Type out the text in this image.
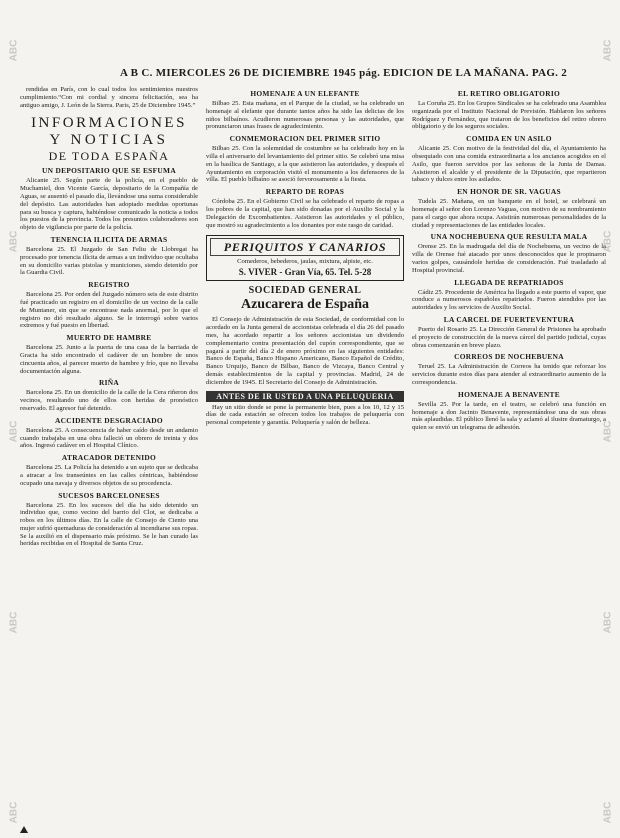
ABC
ABC
ABC
ABC
ABC
ABC
ABC
ABC
ABC
ABC
A B C. MIERCOLES 26 DE DICIEMBRE 1945 pág. EDICION DE LA MAÑANA. PAG. 2

rendidas en París, con lo cual todos los sentimientos nuestros cumplimiento.“Con mi cordial y sincera felicitación, sea ha antiguo amigo, J. León de la Sierra. Paris, 25 de Diciembre 1945.”

INFORMACIONES
Y NOTICIAS
DE TODA ESPAÑA
UN DEPOSITARIO QUE SE ESFUMA

Alicante 25. Según parte de la policía, en el pueblo de Muchamiel, don Vicente García, depositario de la Compañía de Aguas, se ausentó el pasado día, llevándose una suma considerable del depósito. Las autoridades han adoptado medidas oportunas para su busca y captura, habiéndose comunicado la noticia a todos los puestos de la provincia. Todos los presuntos colaboradores son objeto de vigilancia por parte de la policía.

TENENCIA ILICITA DE ARMAS

Barcelona 25. El Juzgado de San Feliu de Llobregat ha procesado por tenencia ilícita de armas a un individuo que ocultaba en su domicilio varias pistolas y municiones, siendo detenido por la Guardia Civil.

REGISTRO

Barcelona 25. Por orden del Juzgado número seis de este distrito fué practicado un registro en el domicilio de un vecino de la calle de Muntaner, sin que se encontrase nada anormal, por lo que el registro no dió resultado alguno. Se le interrogó sobre varios extremos y fué puesto en libertad.

MUERTO DE HAMBRE

Barcelona 25. Junto a la puerta de una casa de la barriada de Gracia ha sido encontrado el cadáver de un hombre de unos cincuenta años, al parecer muerto de hambre y frío, que no llevaba documentación alguna.

RIÑA

Barcelona 25. En un domicilio de la calle de la Cera riñeron dos vecinos, resultando uno de ellos con heridas de pronóstico reservado. El agresor fué detenido.

ACCIDENTE DESGRACIADO

Barcelona 25. A consecuencia de haber caído desde un andamio cuando trabajaba en una obra falleció un obrero de treinta y dos años. Ingresó cadáver en el Hospital Clínico.

ATRACADOR DETENIDO

Barcelona 25. La Policía ha detenido a un sujeto que se dedicaba a atracar a los transeúntes en las calles céntricas, habiéndose ocupado una navaja y diversos objetos de su procedencia.

SUCESOS BARCELONESES

Barcelona 25. En los sucesos del día ha sido detenido un individuo que, como vecino del barrio del Clot, se dedicaba a robos en los últimos días. En la calle de Consejo de Ciento una mujer sufrió quemaduras de consideración al incendiarse sus ropas. Se la auxilió en el dispensario más próximo. Se le han curado las heridas recibidas en el Hospital de Santa Cruz.

HOMENAJE A UN ELEFANTE

Bilbao 25. Esta mañana, en el Parque de la ciudad, se ha celebrado un homenaje al elefante que durante tantos años ha sido las delicias de los niños bilbaínos. Acudieron numerosas personas y las autoridades, que pronunciaron unas frases de agradecimiento.

CONMEMORACION DEL PRIMER SITIO

Bilbao 25. Con la solemnidad de costumbre se ha celebrado hoy en la villa el aniversario del levantamiento del primer sitio. Se celebró una misa en la basílica de Santiago, a la que asistieron las autoridades, y después el Ayuntamiento en corporación visitó el monumento a los defensores de la villa. El pueblo bilbaíno se asoció fervorosamente a la fiesta.

REPARTO DE ROPAS

Córdoba 25. En el Gobierno Civil se ha celebrado el reparto de ropas a los pobres de la capital, que han sido donadas por el Auxilio Social y la Delegación de Excombatientes. Asistieron las autoridades y el público, que mostró su agradecimiento a los donantes por este rasgo de caridad.

PERIQUITOS Y CANARIOS
Comederos, bebederos, jaulas, mixtura, alpiste, etc.
S. VIVER - Gran Vía, 65. Tel. 5-28
SOCIEDAD GENERAL
Azucarera de España

El Consejo de Administración de esta Sociedad, de conformidad con lo acordado en la Junta general de accionistas celebrada el día 26 del pasado mes, ha acordado repartir a los señores accionistas un dividendo complementario contra presentación del cupón correspondiente, que se pagará a partir del día 2 de enero próximo en las siguientes entidades: Banco de España, Banco Hispano Americano, Banco Español de Crédito, Banco Urquijo, Banco de Bilbao, Banco de Vizcaya, Banco Central y demás establecimientos de la capital y provincias. Madrid, 24 de diciembre de 1945. El Secretario del Consejo de Administración.

ANTES DE IR USTED A UNA PELUQUERIA

Hay un sitio donde se pone la permanente bien, pues a los 10, 12 y 15 días de cada estación se ofrecen todos los trabajos de peluquería con personal competente y garantía. Peluquería y salón de belleza.

EL RETIRO OBLIGATORIO

La Coruña 25. En los Grupos Sindicales se ha celebrado una Asamblea organizada por el Instituto Nacional de Previsión. Hablaron los señores Rodríguez y Fernández, que trataron de los beneficios del retiro obrero obligatorio y de los seguros sociales.

COMIDA EN UN ASILO

Alicante 25. Con motivo de la festividad del día, el Ayuntamiento ha obsequiado con una comida extraordinaria a los ancianos acogidos en el Asilo, que fueron servidos por las señoras de la Junta de Damas. Asistieron el alcalde y el presidente de la Diputación, que repartieron tabaco y dulces entre los asilados.

EN HONOR DE SR. VAGUAS

Tudela 25. Mañana, en un banquete en el hotel, se celebrará un homenaje al señor don Lorenzo Vaguas, con motivo de su nombramiento para el cargo que ahora ocupa. Asistirán numerosas personalidades de la ciudad y representaciones de las entidades locales.

UNA NOCHEBUENA QUE RESULTA MALA

Orense 25. En la madrugada del día de Nochebuena, un vecino de la villa de Orense fué atacado por unos desconocidos que le propinaron varios golpes, causándole heridas de consideración. Fué trasladado al Hospital provincial.

LLEGADA DE REPATRIADOS

Cádiz 25. Procedente de América ha llegado a este puerto el vapor, que conduce a numerosos españoles repatriados. Fueron atendidos por las autoridades y los servicios de Auxilio Social.

LA CARCEL DE FUERTEVENTURA

Puerto del Rosario 25. La Dirección General de Prisiones ha aprobado el proyecto de construcción de la nueva cárcel del partido judicial, cuyas obras comenzarán en breve plazo.

CORREOS DE NOCHEBUENA

Teruel 25. La Administración de Correos ha tenido que reforzar los servicios durante estos días para atender al extraordinario aumento de la correspondencia.

HOMENAJE A BENAVENTE

Sevilla 25. Por la tarde, en el teatro, se celebró una función en homenaje a don Jacinto Benavente, representándose una de sus obras más aplaudidas. El público llenó la sala y aclamó al ilustre dramaturgo, a quien se envió un telegrama de adhesión.
